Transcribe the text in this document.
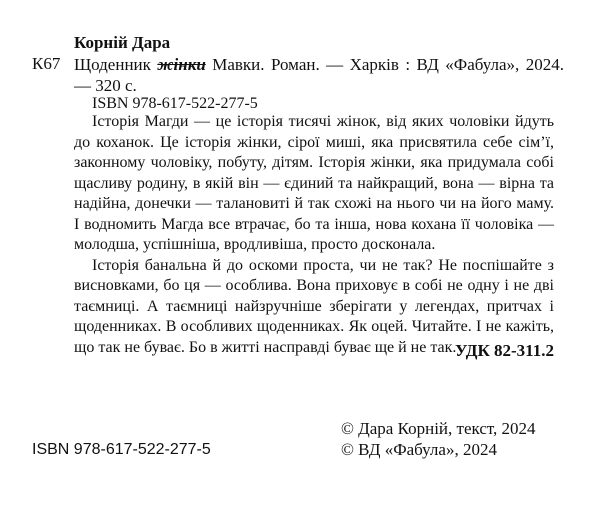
Корній Дара
К67 Щоденник жінки Мавки. Роман. — Харків : ВД «Фабула», 2024. — 320 с.
ISBN 978-617-522-277-5

Історія Магди — це історія тисячі жінок, від яких чоловіки йдуть до коханок. Це історія жінки, сірої миші, яка присвятила себе сім’ї, законному чоловіку, побуту, дітям. Історія жінки, яка придумала собі щасливу родину, в якій він — єдиний та найкращий, вона — вірна та надійна, донечки — талановиті й так схожі на нього чи на його маму. І водномить Магда все втрачає, бо та інша, нова кохана її чоловіка — молодша, успішніша, вродливіша, просто досконала.

Історія банальна й до оскоми проста, чи не так? Не поспішайте з висновками, бо ця — особлива. Вона приховує в собі не одну і не дві таємниці. А таємниці найзручніше зберігати у легендах, притчах і щоденниках. В особливих щоденниках. Як оцей. Читайте. І не кажіть, що так не буває. Бо в житті насправді буває ще й не так.

УДК 82-311.2
© Дара Корній, текст, 2024
© ВД «Фабула», 2024
ISBN 978-617-522-277-5
